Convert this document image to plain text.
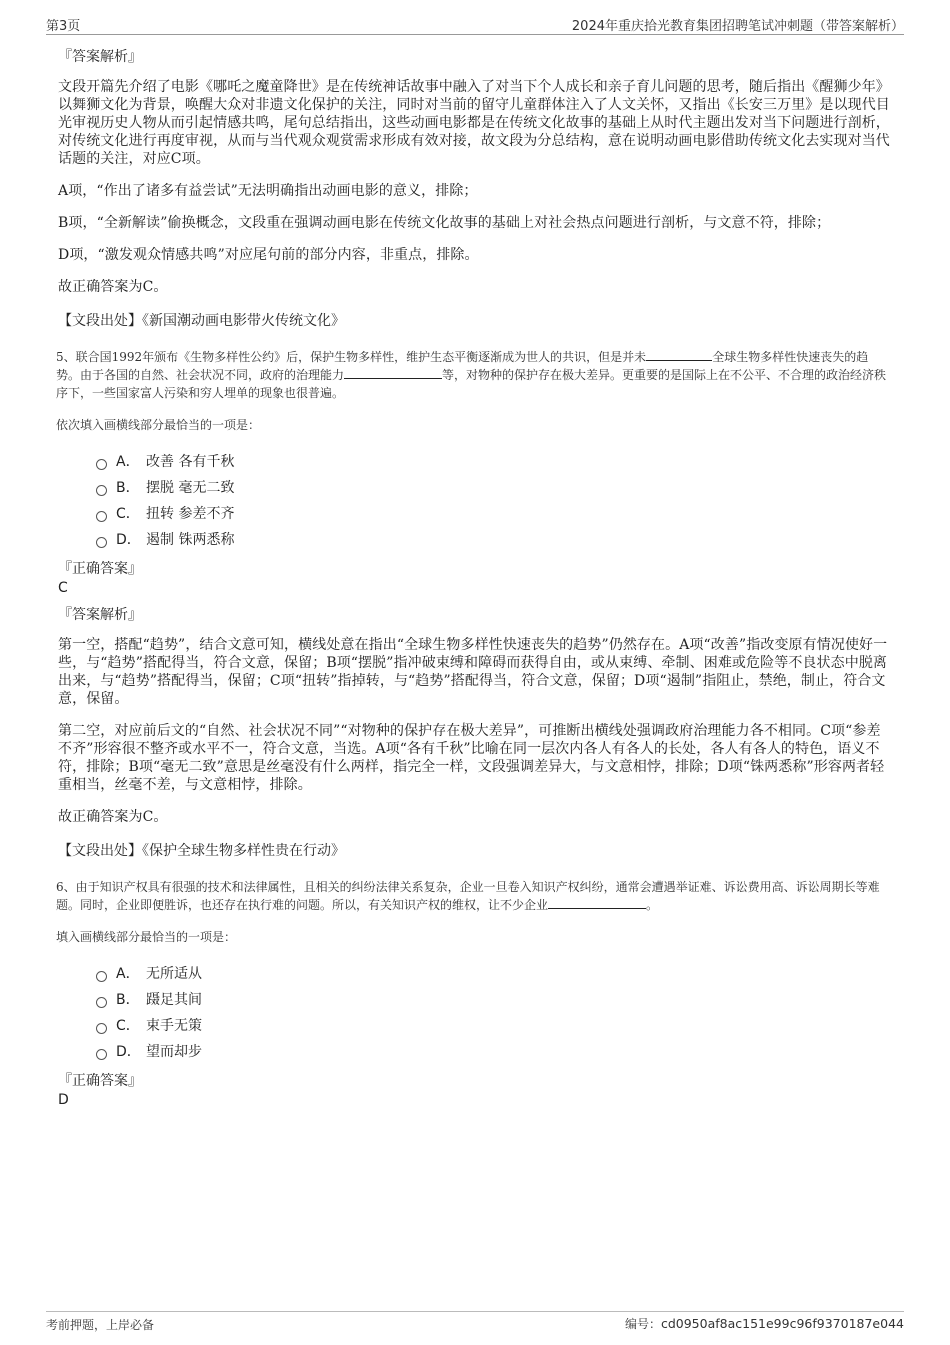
第3页	2024年重庆拾光教育集团招聘笔试冲刺题（带答案解析）
『答案解析』

文段开篇先介绍了电影《哪吒之魔童降世》是在传统神话故事中融入了对当下个人成长和亲子育儿问题的思考，随后指出《醒狮少年》以舞狮文化为背景，唤醒大众对非遗文化保护的关注，同时对当前的留守儿童群体注入了人文关怀，又指出《长安三万里》是以现代目光审视历史人物从而引起情感共鸣，尾句总结指出，这些动画电影都是在传统文化故事的基础上从时代主题出发对当下问题进行剖析，对传统文化进行再度审视，从而与当代观众观赏需求形成有效对接，故文段为分总结构，意在说明动画电影借助传统文化去实现对当代话题的关注，对应C项。

A项，“作出了诸多有益尝试”无法明确指出动画电影的意义，排除；

B项，“全新解读”偷换概念，文段重在强调动画电影在传统文化故事的基础上对社会热点问题进行剖析，与文意不符，排除；

D项，“激发观众情感共鸣”对应尾句前的部分内容，非重点，排除。

故正确答案为C。

【文段出处】《新国潮动画电影带火传统文化》

5、联合国1992年颁布《生物多样性公约》后，保护生物多样性，维护生态平衡逐渐成为世人的共识，但是并未	全球生物多样性快速丧失的趋势。由于各国的自然、社会状况不同，政府的治理能力	等，对物种的保护存在极大差异。更重要的是国际上在不公平、不合理的政治经济秩序下，一些国家富人污染和穷人埋单的现象也很普遍。

依次填入画横线部分最恰当的一项是：

A． 改善 各有千秋
B． 摆脱 毫无二致
C． 扭转 参差不齐
D． 遏制 铢两悉称
『正确答案』
C
『答案解析』

第一空，搭配“趋势”，结合文意可知，横线处意在指出“全球生物多样性快速丧失的趋势”仍然存在。A项“改善”指改变原有情况使好一些，与“趋势”搭配得当，符合文意，保留；B项“摆脱”指冲破束缚和障碍而获得自由，或从束缚、牵制、困难或危险等不良状态中脱离出来，与“趋势”搭配得当，保留；C项“扭转”指掉转，与“趋势”搭配得当，符合文意，保留；D项“遏制”指阻止，禁绝，制止，符合文意，保留。

第二空，对应前后文的“自然、社会状况不同”“对物种的保护存在极大差异”，可推断出横线处强调政府治理能力各不相同。C项“参差不齐”形容很不整齐或水平不一，符合文意，当选。A项“各有千秋”比喻在同一层次内各人有各人的长处，各人有各人的特色，语义不符，排除；B项“毫无二致”意思是丝毫没有什么两样，指完全一样，文段强调差异大，与文意相悖，排除；D项“铢两悉称”形容两者轻重相当，丝毫不差，与文意相悖，排除。

故正确答案为C。

【文段出处】《保护全球生物多样性贵在行动》

6、由于知识产权具有很强的技术和法律属性，且相关的纠纷法律关系复杂，企业一旦卷入知识产权纠纷，通常会遭遇举证难、诉讼费用高、诉讼周期长等难题。同时，企业即便胜诉，也还存在执行难的问题。所以，有关知识产权的维权，让不少企业	。

填入画横线部分最恰当的一项是：

A． 无所适从
B． 蹑足其间
C． 束手无策
D． 望而却步
『正确答案』
D
考前押题，上岸必备	编号：cd0950af8ac151e99c96f9370187e044
